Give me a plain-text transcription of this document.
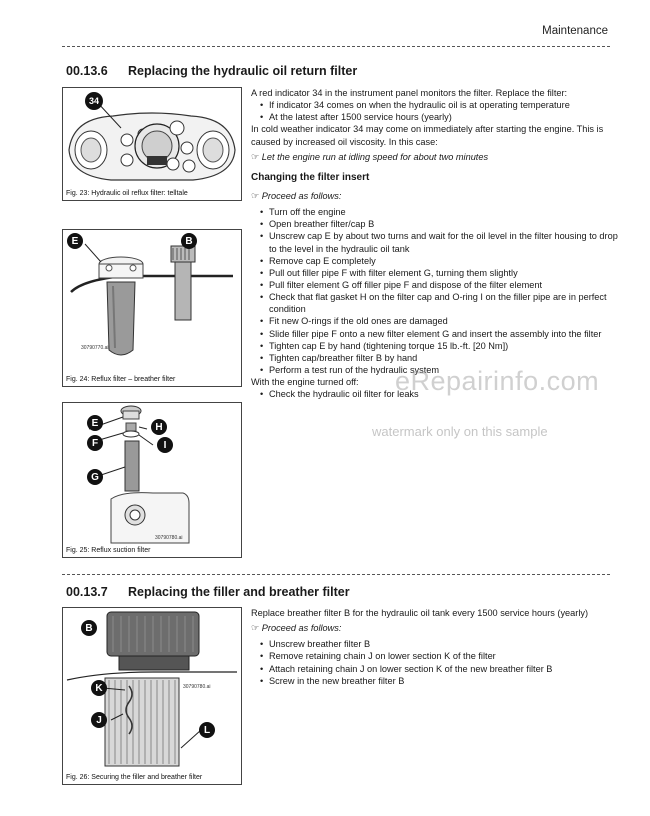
Maintenance
00.13.6 Replacing the hydraulic oil return filter

A red indicator 34 in the instrument panel monitors the filter. Replace the filter:

• If indicator 34 comes on when the hydraulic oil is at operating temperature

• At the latest after 1500 service hours (yearly)

In cold weather indicator 34 may come on immediately after starting the engine. This is caused by increased oil viscosity. In this case:

☞ Let the engine run at idling speed for about two minutes

Changing the filter insert

☞ Proceed as follows:

• Turn off the engine

• Open breather filter/cap B

• Unscrew cap E by about two turns and wait for the oil level in the filter housing to drop to the level in the hydraulic oil tank

• Remove cap E completely

• Pull out filler pipe F with filter element G, turning them slightly

• Pull filter element G off filler pipe F and dispose of the filter element

• Check that flat gasket H on the filter cap and O-ring I on the filler pipe are in perfect condition

• Fit new O-rings if the old ones are damaged

• Slide filler pipe F onto a new filter element G and insert the assembly into the filter

• Tighten cap E by hand (tightening torque 15 lb.-ft. [20 Nm])

• Tighten cap/breather filter B by hand

• Perform a test run of the hydraulic system

With the engine turned off:

• Check the hydraulic oil filter for leaks

34
Fig. 23: Hydraulic oil reflux filter: telltale
E	B
30790770.ai
Fig. 24: Reflux filter – breather filter
E
F
G
H
I
30790780.ai
Fig. 25: Reflux suction filter
00.13.7 Replacing the filler and breather filter

Replace breather filter B for the hydraulic oil tank every 1500 service hours (yearly)

☞ Proceed as follows:

• Unscrew breather filter B

• Remove retaining chain J on lower section K of the filter

• Attach retaining chain J on lower section K of the new breather filter B

• Screw in the new breather filter B

B
K
J
L
30790780.ai
Fig. 26: Securing the filler and breather filter
eRepairinfo.com
watermark only on this sample
